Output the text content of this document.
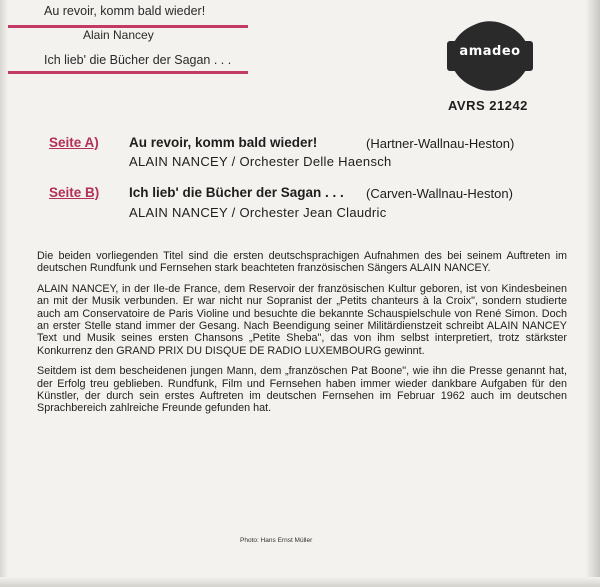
Au revoir, komm bald wieder!
Alain Nancey
Ich lieb' die Bücher der Sagan . . .
amadeo
AVRS 21242
Seite A) Au revoir, komm bald wieder!	(Hartner-Wallnau-Heston)
ALAIN NANCEY / Orchester Delle Haensch
Seite B) Ich lieb' die Bücher der Sagan . . . (Carven-Wallnau-Heston)
ALAIN NANCEY / Orchester Jean Claudric

Die beiden vorliegenden Titel sind die ersten deutschsprachigen Aufnahmen des bei seinem Auftreten im deutschen Rundfunk und Fernsehen stark beachteten französischen Sängers ALAIN NANCEY.

ALAIN NANCEY, in der Ile-de France, dem Reservoir der französischen Kultur geboren, ist von Kindesbeinen an mit der Musik verbunden. Er war nicht nur Sopranist der „Petits chanteurs à la Croix", sondern studierte auch am Conservatoire de Paris Violine und besuchte die bekannte Schauspielschule von René Simon. Doch an erster Stelle stand immer der Gesang. Nach Beendigung seiner Militärdienstzeit schreibt ALAIN NANCEY Text und Musik seines ersten Chansons „Petite Sheba", das von ihm selbst interpretiert, trotz stärkster Konkurrenz den GRAND PRIX DU DISQUE DE RADIO LUXEMBOURG gewinnt.

Seitdem ist dem bescheidenen jungen Mann, dem „französchen Pat Boone", wie ihn die Presse genannt hat, der Erfolg treu geblieben. Rundfunk, Film und Fernsehen haben immer wieder dankbare Aufgaben für den Künstler, der durch sein erstes Auftreten im deutschen Fernsehen im Februar 1962 auch im deutschen Sprachbereich zahlreiche Freunde gefunden hat.

Photo: Hans Ernst Müller
